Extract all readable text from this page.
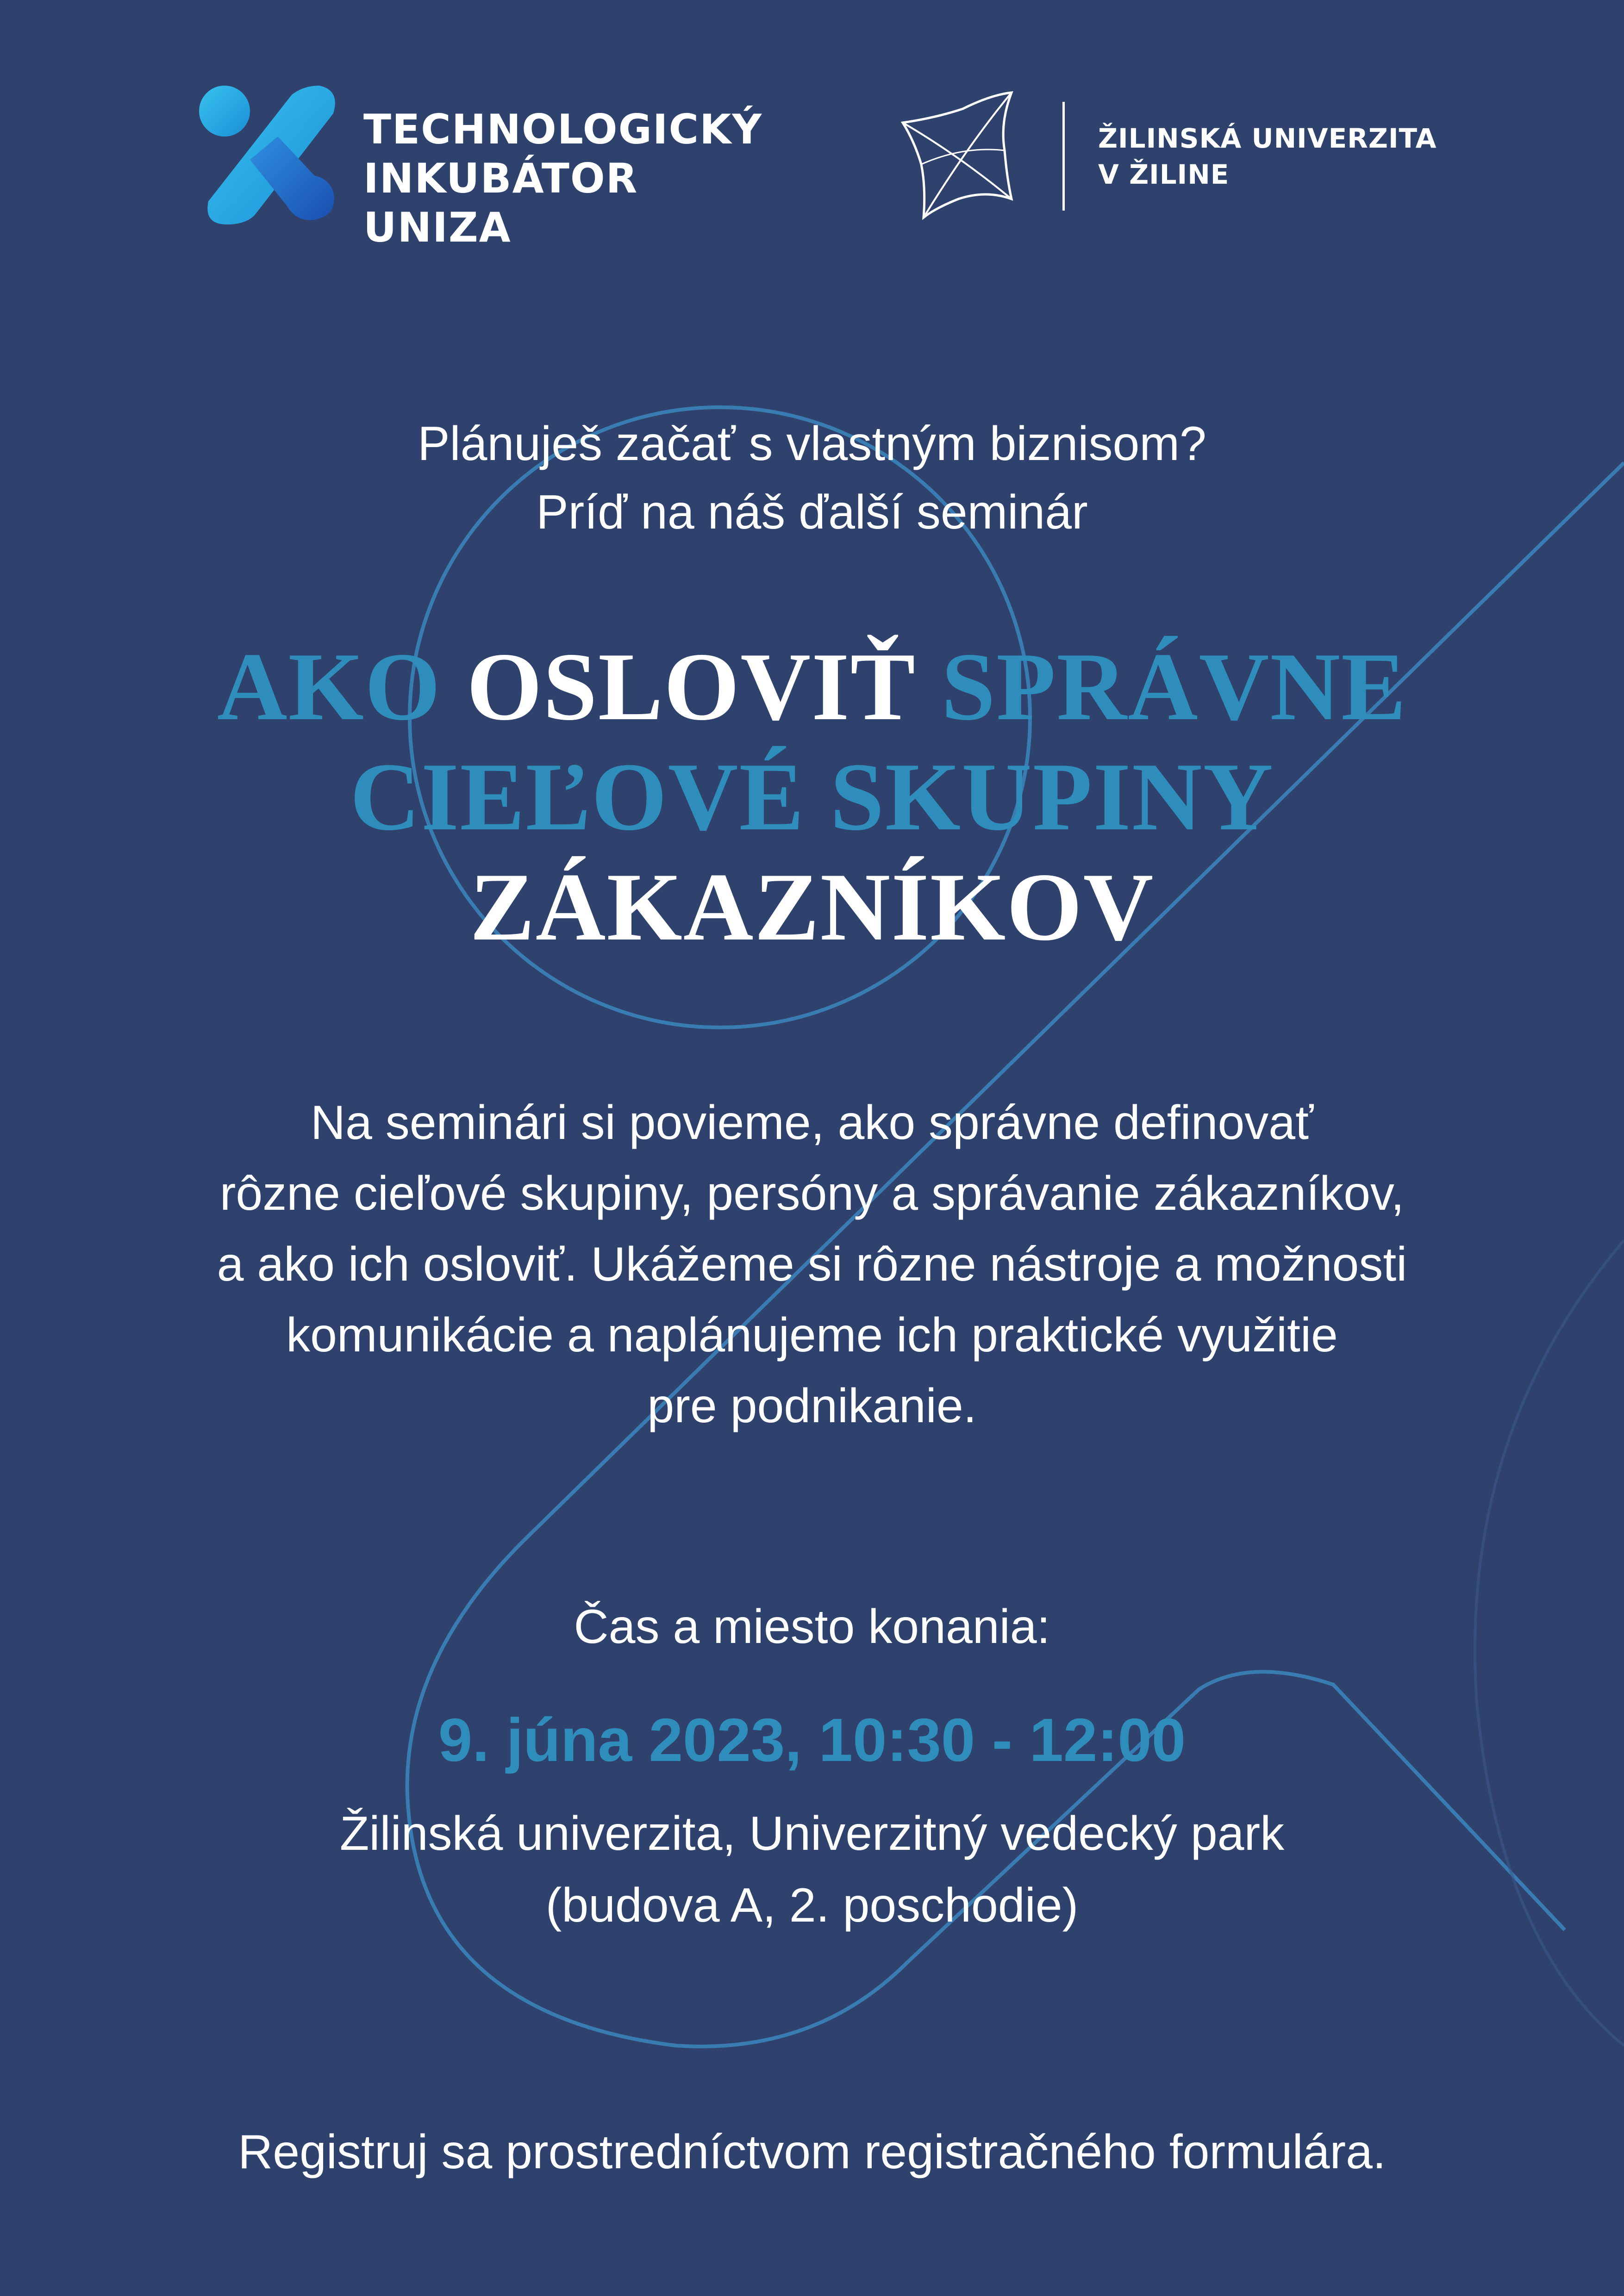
TECHNOLOGICKÝ
INKUBÁTOR UNIZA
ŽILINSKÁ UNIVERZITA
V ŽILINE
Plánuješ začať s vlastným biznisom?
Príď na náš ďalší seminár
AKO OSLOVIŤ SPRÁVNE
CIEĽOVÉ SKUPINY
ZÁKAZNÍKOV
Na seminári si povieme, ako správne definovať
rôzne cieľové skupiny, persóny a správanie zákazníkov,
a ako ich osloviť. Ukážeme si rôzne nástroje a možnosti
komunikácie a naplánujeme ich praktické využitie
pre podnikanie.
Čas a miesto konania:
9. júna 2023, 10:30 - 12:00
Žilinská univerzita, Univerzitný vedecký park
(budova A, 2. poschodie)
Registruj sa prostredníctvom registračného formulára.
